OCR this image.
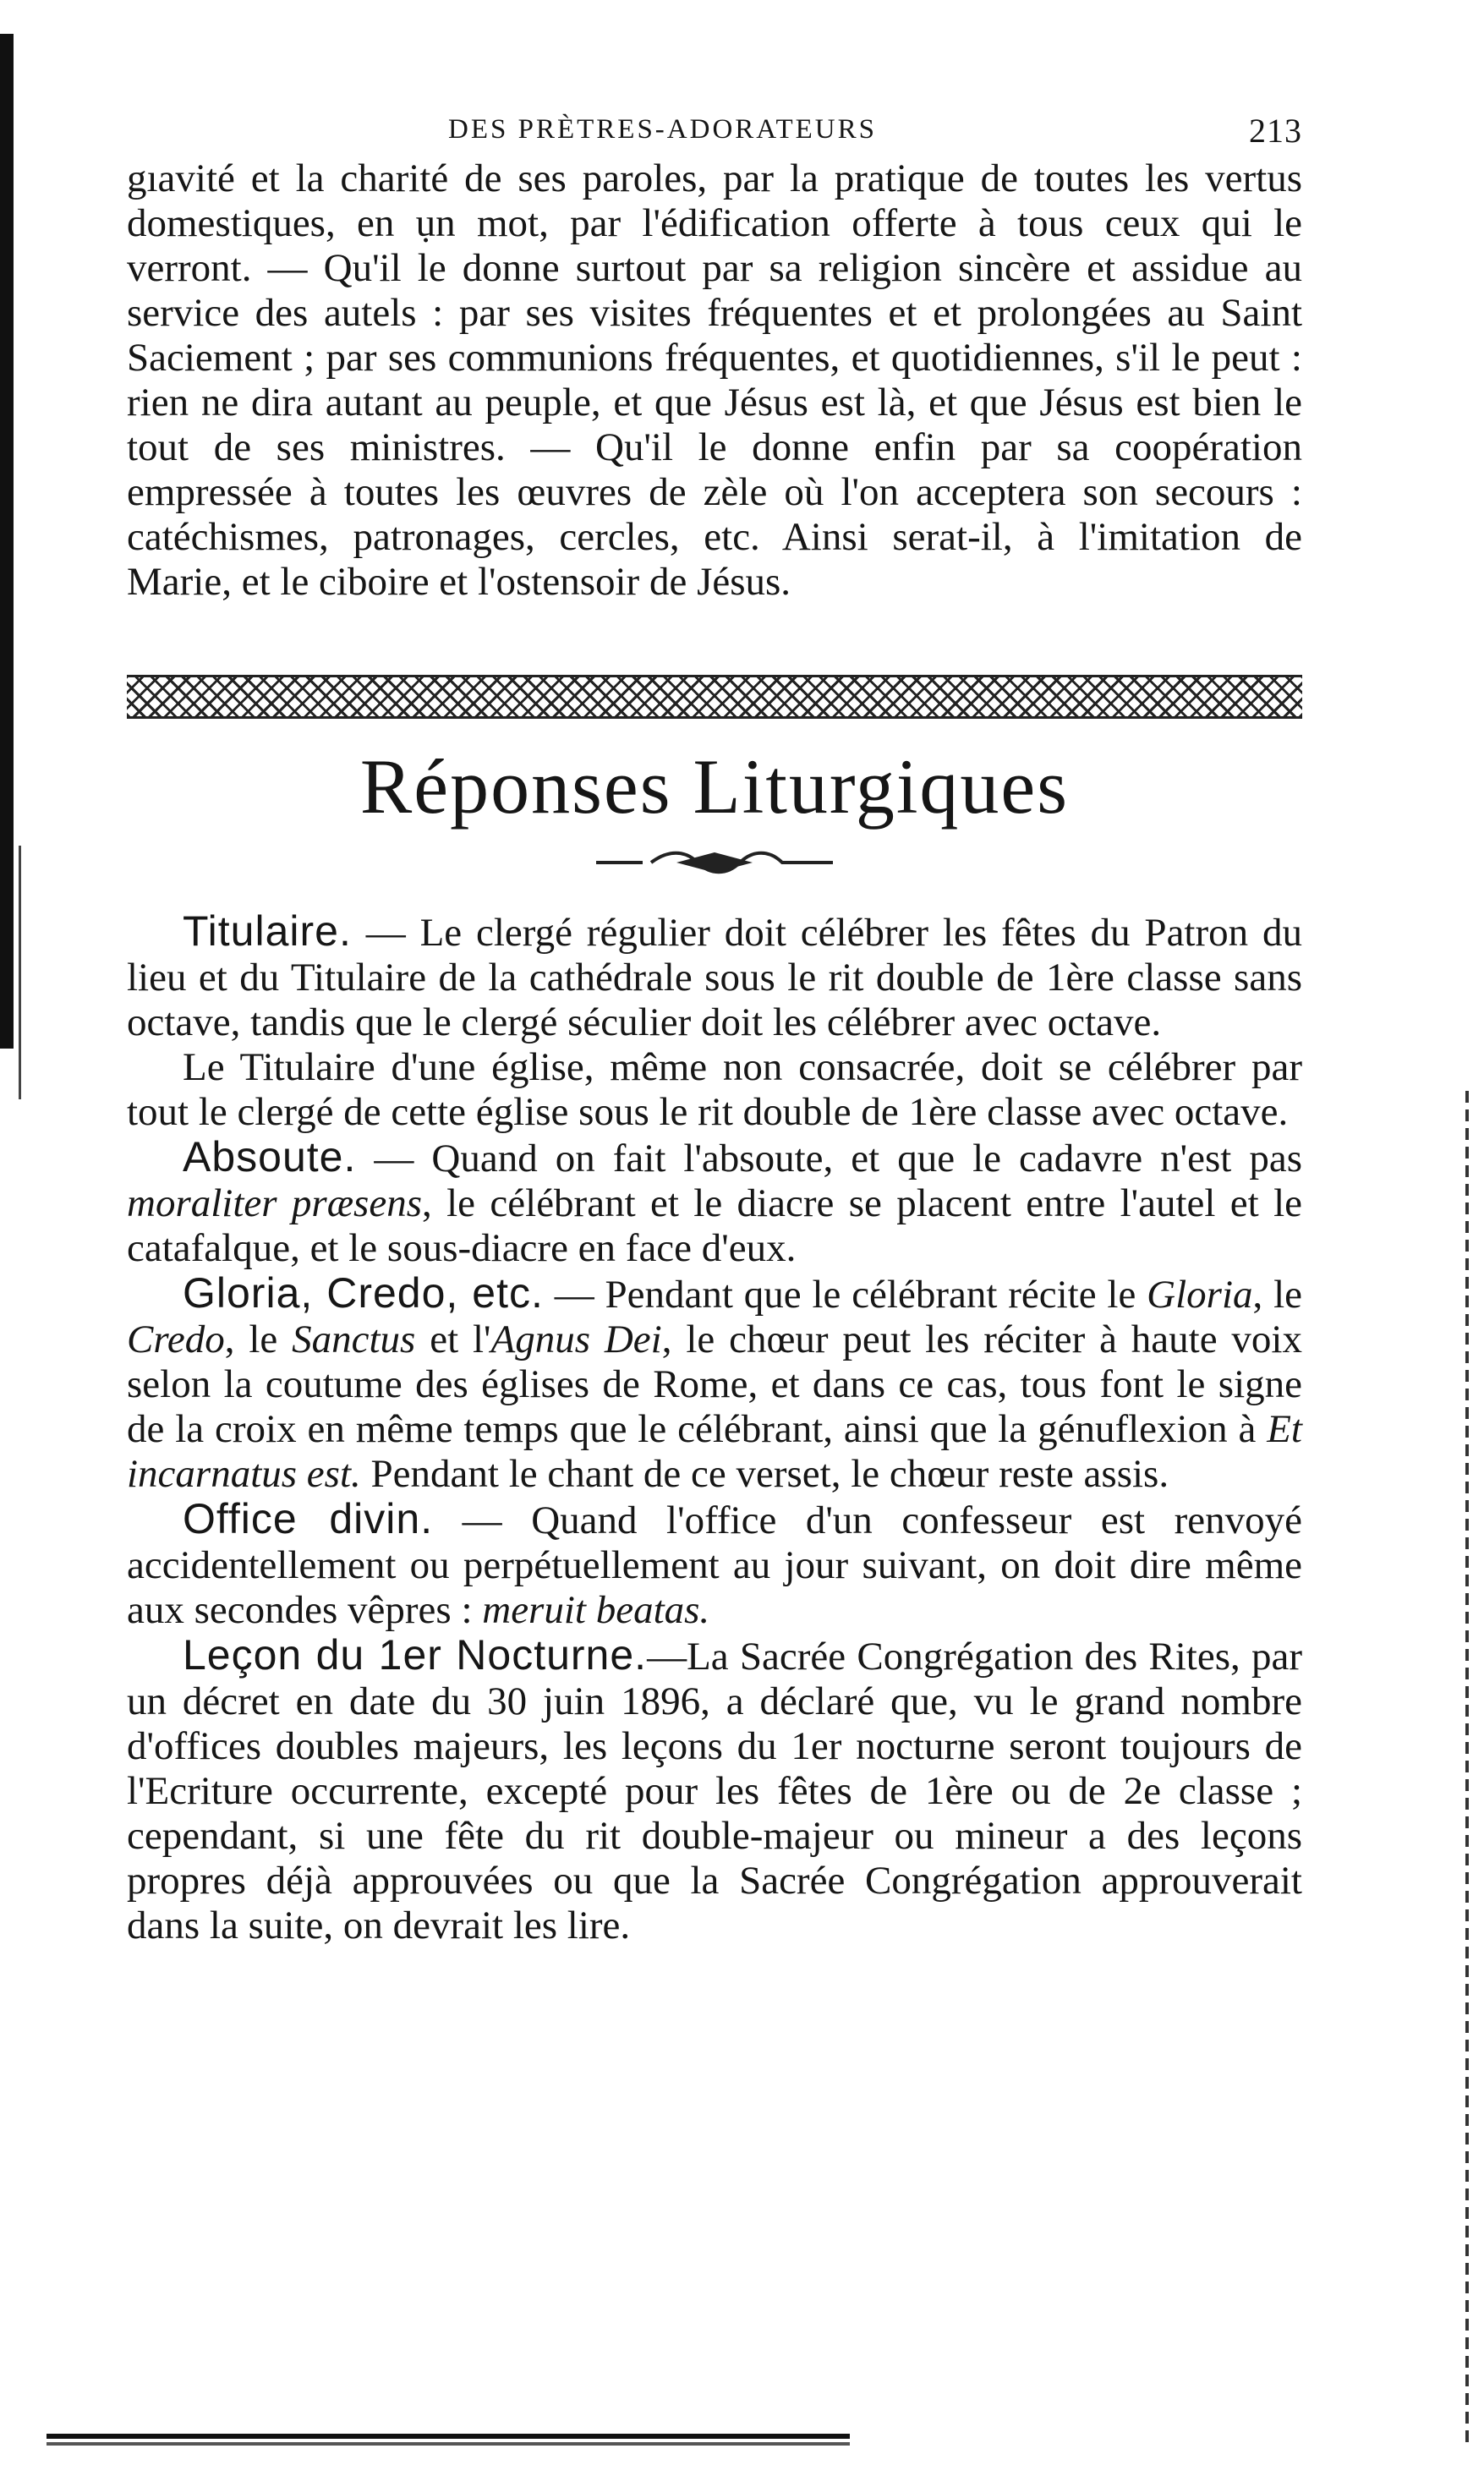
DES PRÈTRES-ADORATEURS	213
gıavité et la charité de ses paroles, par la pratique de toutes les vertus domestiques, en ụn mot, par l'édification offerte à tous ceux qui le verront. — Qu'il le donne surtout par sa religion sincère et assidue au service des autels : par ses visites fréquentes et et prolongées au Saint Saciement ; par ses communions fréquentes, et quotidiennes, s'il le peut : rien ne dira autant au peuple, et que Jésus est là, et que Jésus est bien le tout de ses ministres. — Qu'il le donne enfin par sa coopération empressée à toutes les œuvres de zèle où l'on acceptera son secours : catéchismes, patronages, cercles, etc. Ainsi serat-il, à l'imitation de Marie, et le ciboire et l'ostensoir de Jésus.
Réponses Liturgiques

Titulaire. — Le clergé régulier doit célébrer les fêtes du Patron du lieu et du Titulaire de la cathédrale sous le rit double de 1ère classe sans octave, tandis que le clergé séculier doit les célébrer avec octave.

Le Titulaire d'une église, même non consacrée, doit se célébrer par tout le clergé de cette église sous le rit double de 1ère classe avec octave.

Absoute. — Quand on fait l'absoute, et que le cadavre n'est pas moraliter præsens, le célébrant et le diacre se placent entre l'autel et le catafalque, et le sous-diacre en face d'eux.

Gloria, Credo, etc. — Pendant que le célébrant récite le Gloria, le Credo, le Sanctus et l'Agnus Dei, le chœur peut les réciter à haute voix selon la coutume des églises de Rome, et dans ce cas, tous font le signe de la croix en même temps que le célébrant, ainsi que la génuflexion à Et incarnatus est. Pendant le chant de ce verset, le chœur reste assis.

Office divin. — Quand l'office d'un confesseur est renvoyé accidentellement ou perpétuellement au jour suivant, on doit dire même aux secondes vêpres : meruit beatas.

Leçon du 1er Nocturne.—La Sacrée Congrégation des Rites, par un décret en date du 30 juin 1896, a déclaré que, vu le grand nombre d'offices doubles majeurs, les leçons du 1er nocturne seront toujours de l'Ecriture occurrente, excepté pour les fêtes de 1ère ou de 2e classe ; cependant, si une fête du rit double-majeur ou mineur a des leçons propres déjà approuvées ou que la Sacrée Congrégation approuverait dans la suite, on devrait les lire.
